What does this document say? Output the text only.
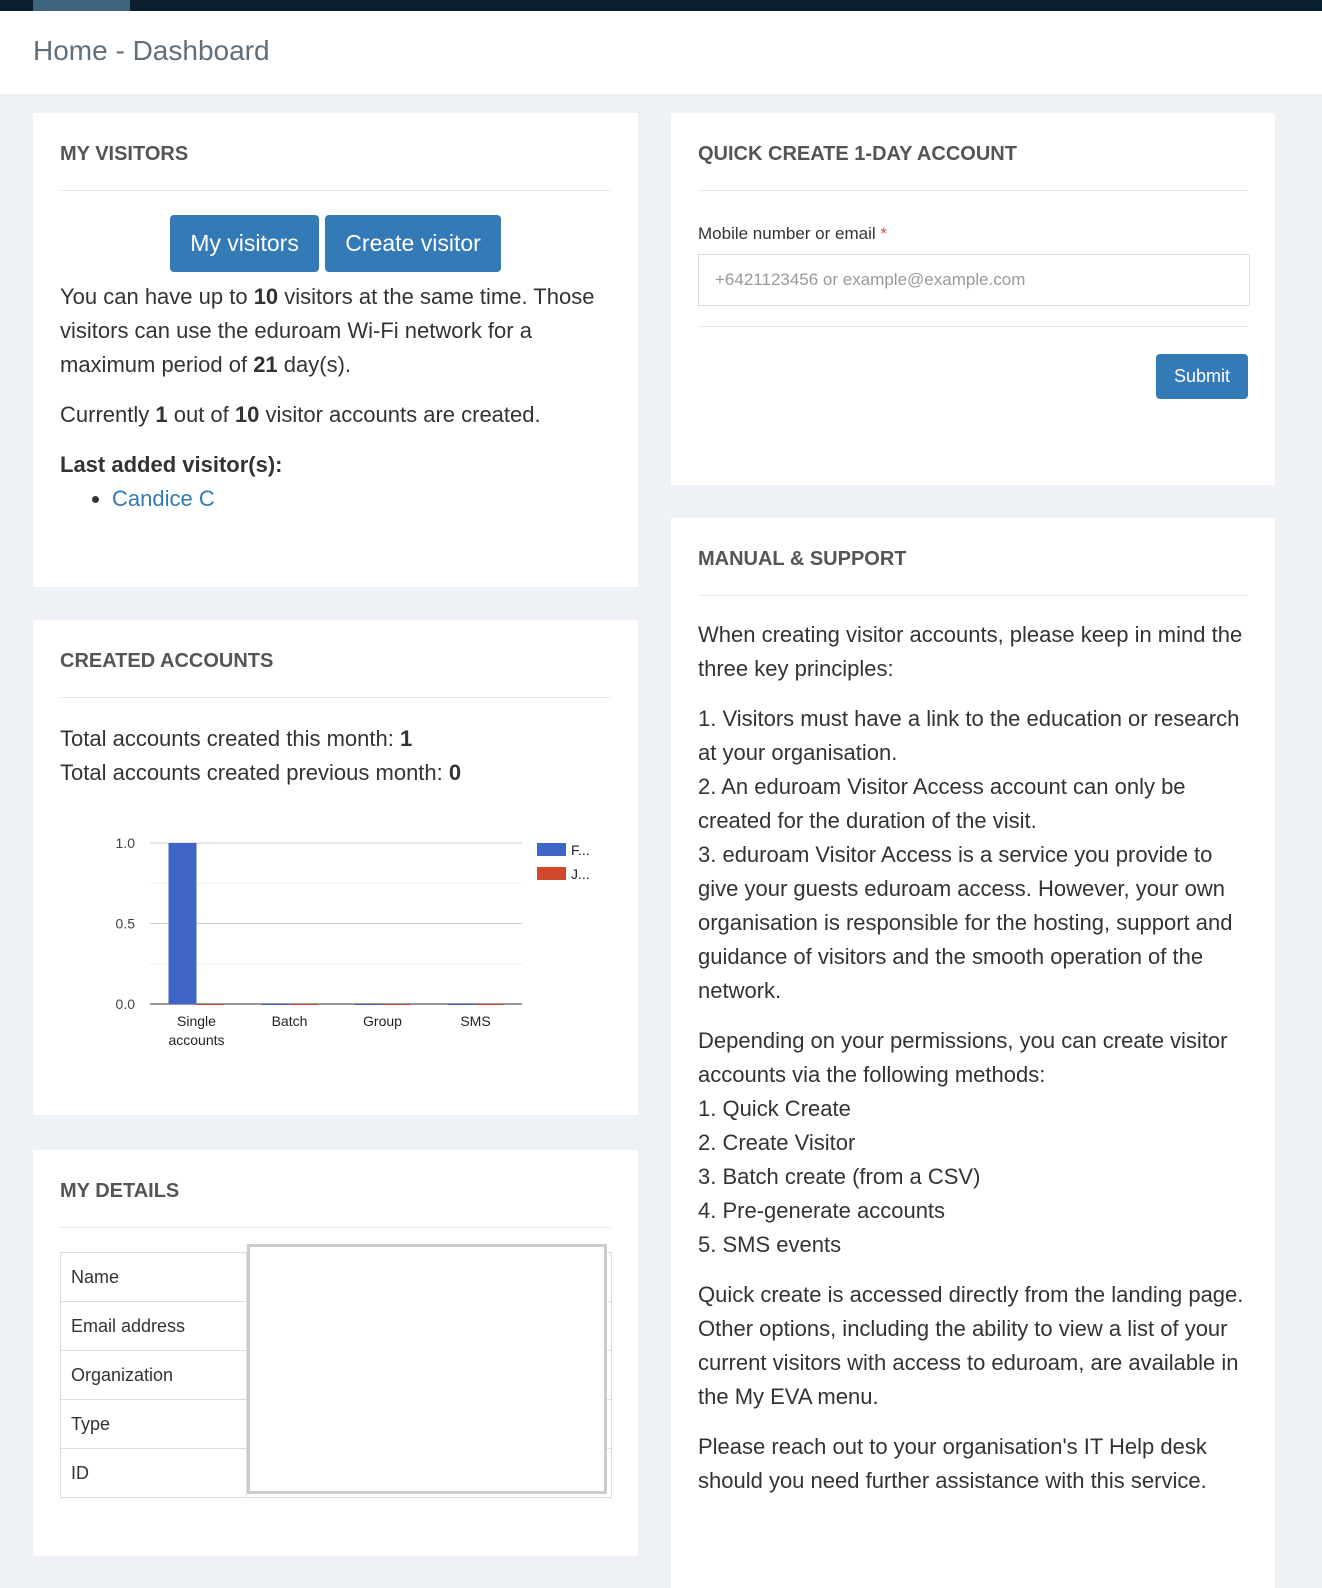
Home - Dashboard
MY VISITORS
My visitors Create visitor

You can have up to 10 visitors at the same time. Those visitors can use the eduroam Wi-Fi network for a maximum period of 21 day(s).

Currently 1 out of 10 visitor accounts are created.

Last added visitor(s):

• Candice C
CREATED ACCOUNTS

Total accounts created this month: 1

Total accounts created previous month: 0

0.0
0.5
1.0
Single
accounts
Batch	Group	SMS
F...
J...
MY DETAILS
Name	
Email address	
Organization	
Type	
ID	
QUICK CREATE 1-DAY ACCOUNT
Mobile number or email *
+6421123456 or example@example.com
Submit
MANUAL & SUPPORT

When creating visitor accounts, please keep in mind the three key principles:

1. Visitors must have a link to the education or research at your organisation.
2. An eduroam Visitor Access account can only be created for the duration of the visit.
3. eduroam Visitor Access is a service you provide to give your guests eduroam access. However, your own organisation is responsible for the hosting, support and guidance of visitors and the smooth operation of the network.

Depending on your permissions, you can create visitor accounts via the following methods:
1. Quick Create
2. Create Visitor
3. Batch create (from a CSV)
4. Pre-generate accounts
5. SMS events

Quick create is accessed directly from the landing page. Other options, including the ability to view a list of your current visitors with access to eduroam, are available in the My EVA menu.

Please reach out to your organisation's IT Help desk should you need further assistance with this service.
